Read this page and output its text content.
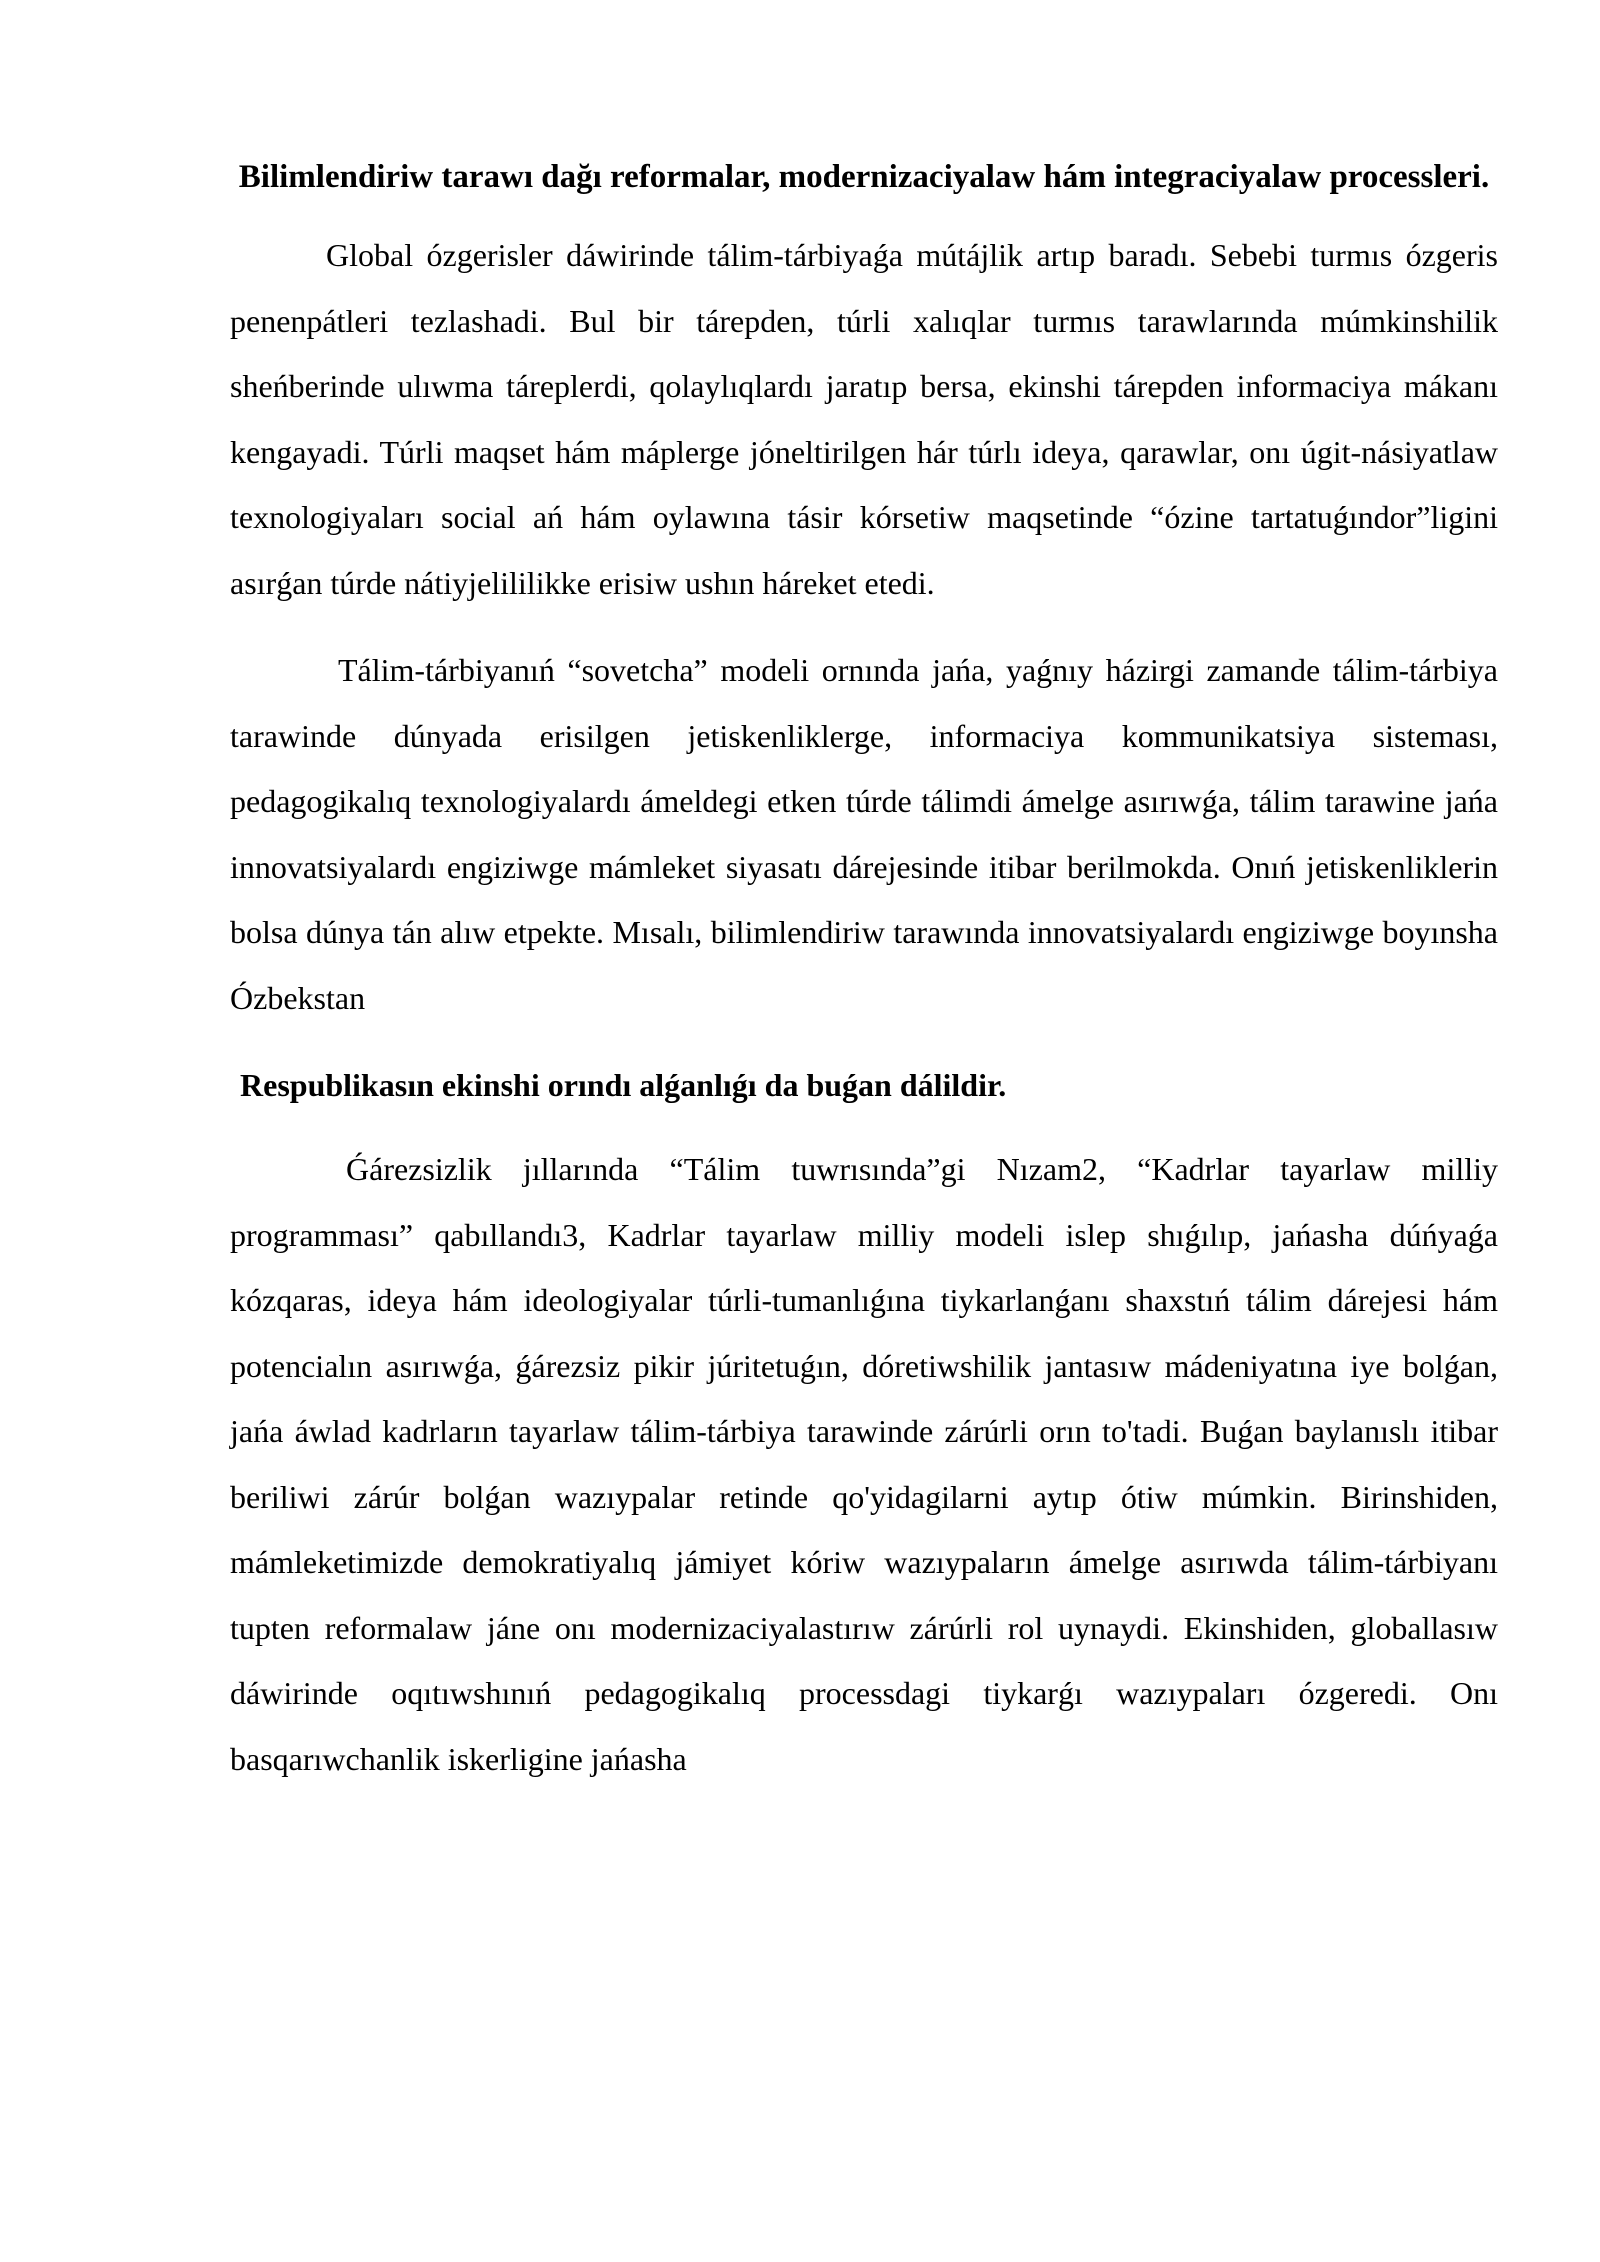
Bilimlendiriw tarawı dağı reformalar, modernizaciyalaw hám integraciyalaw processleri.

Global ózgerisler dáwirinde tálim-tárbiyaǵa mútájlik artıp baradı. Sebebi turmıs ózgeris penenpátleri tezlashadi. Bul bir tárepden, túrli xalıqlar turmıs tarawlarında múmkinshilik sheńberinde ulıwma táreplerdi, qolaylıqlardı jaratıp bersa, ekinshi tárepden informaciya mákanı kengayadi. Túrli maqset hám máplerge jóneltirilgen hár túrlı ideya, qarawlar, onı úgit-násiyatlaw texnologiyaları social ań hám oylawına tásir kórsetiw maqsetinde “ózine tartatuǵındor”ligini asırǵan túrde nátiyjelililikke erisiw ushın háreket etedi.

Tálim-tárbiyanıń “sovetcha” modeli ornında jańa, yaǵnıy házirgi zamande tálim-tárbiya tarawinde dúnyada erisilgen jetiskenliklerge, informaciya kommunikatsiya sisteması, pedagogikalıq texnologiyalardı ámeldegi etken túrde tálimdi ámelge asırıwǵa, tálim tarawine jańa innovatsiyalardı engiziwge mámleket siyasatı dárejesinde itibar berilmokda. Onıń jetiskenliklerin bolsa dúnya tán alıw etpekte. Mısalı, bilimlendiriw tarawında innovatsiyalardı engiziwge boyınsha Ózbekstan

Respublikasın ekinshi orındı alǵanlıǵı da buǵan dálildir.

Ǵárezsizlik jıllarında “Tálim tuwrısında”gi Nızam2, “Kadrlar tayarlaw milliy programması” qabıllandı3, Kadrlar tayarlaw milliy modeli islep shıǵılıp, jańasha dúńyaǵa kózqaras, ideya hám ideologiyalar túrli-tumanlıǵına tiykarlanǵanı shaxstıń tálim dárejesi hám potencialın asırıwǵa, ǵárezsiz pikir júritetuǵın, dóretiwshilik jantasıw mádeniyatına iye bolǵan, jańa áwlad kadrların tayarlaw tálim-tárbiya tarawinde zárúrli orın to'tadi. Buǵan baylanıslı itibar beriliwi zárúr bolǵan wazıypalar retinde qo'yidagilarni aytıp ótiw múmkin. Birinshiden, mámleketimizde demokratiyalıq jámiyet kóriw wazıypaların ámelge asırıwda tálim-tárbiyanı tupten reformalaw jáne onı modernizaciyalastırıw zárúrli rol uynaydi. Ekinshiden, globallasıw dáwirinde oqıtıwshınıń pedagogikalıq processdagi tiykarǵı wazıypaları ózgeredi. Onı basqarıwchanlik iskerligine jańasha
